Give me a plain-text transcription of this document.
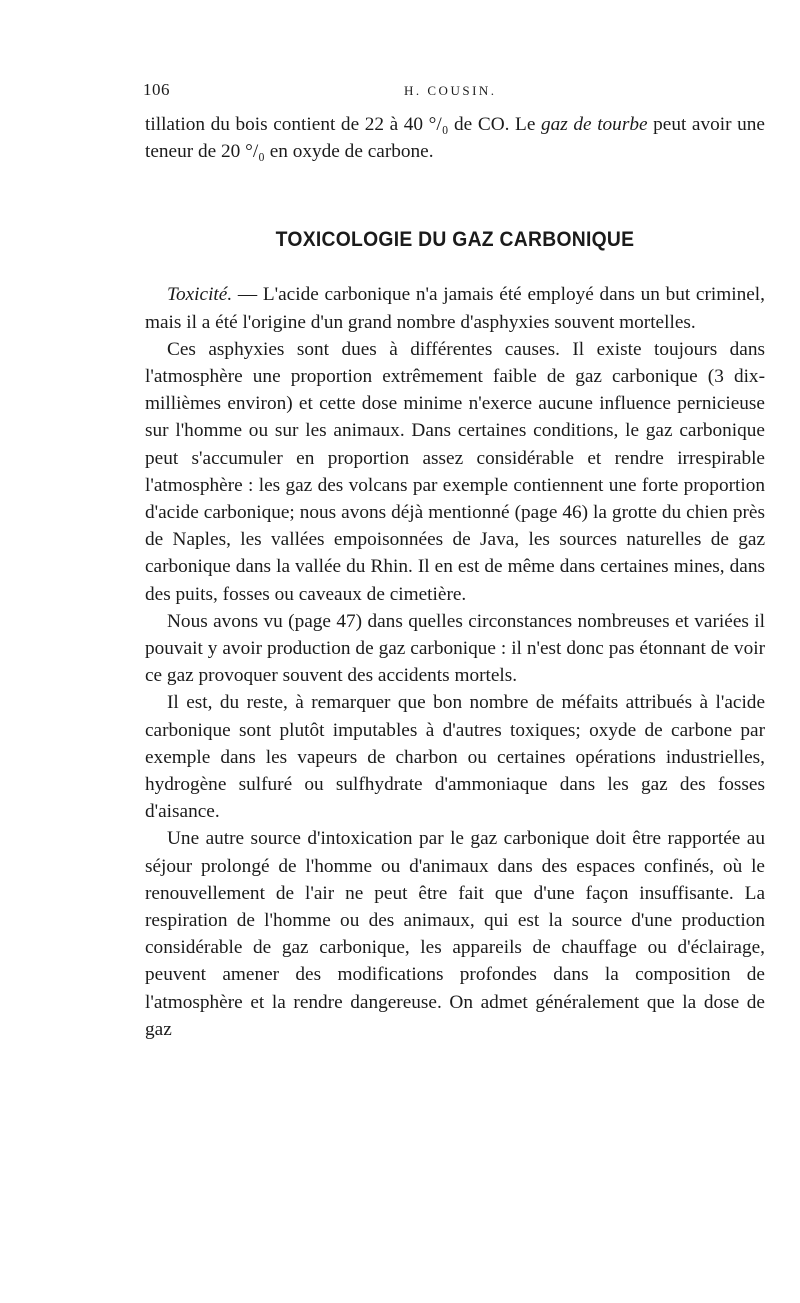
106	H. COUSIN.

tillation du bois contient de 22 à 40 °/₀ de CO. Le gaz de tourbe peut avoir une teneur de 20 °/₀ en oxyde de carbone.

TOXICOLOGIE DU GAZ CARBONIQUE

Toxicité. — L'acide carbonique n'a jamais été employé dans un but criminel, mais il a été l'origine d'un grand nombre d'asphyxies souvent mortelles.

Ces asphyxies sont dues à différentes causes. Il existe toujours dans l'atmosphère une proportion extrêmement faible de gaz carbonique (3 dix-millièmes environ) et cette dose minime n'exerce aucune influence pernicieuse sur l'homme ou sur les animaux. Dans certaines conditions, le gaz carbonique peut s'accumuler en proportion assez considérable et rendre irrespirable l'atmosphère : les gaz des volcans par exemple contiennent une forte proportion d'acide carbonique; nous avons déjà mentionné (page 46) la grotte du chien près de Naples, les vallées empoisonnées de Java, les sources naturelles de gaz carbonique dans la vallée du Rhin. Il en est de même dans certaines mines, dans des puits, fosses ou caveaux de cimetière.

Nous avons vu (page 47) dans quelles circonstances nombreuses et variées il pouvait y avoir production de gaz carbonique : il n'est donc pas étonnant de voir ce gaz provoquer souvent des accidents mortels.

Il est, du reste, à remarquer que bon nombre de méfaits attribués à l'acide carbonique sont plutôt imputables à d'autres toxiques; oxyde de carbone par exemple dans les vapeurs de charbon ou certaines opérations industrielles, hydrogène sulfuré ou sulfhydrate d'ammoniaque dans les gaz des fosses d'aisance.

Une autre source d'intoxication par le gaz carbonique doit être rapportée au séjour prolongé de l'homme ou d'animaux dans des espaces confinés, où le renouvellement de l'air ne peut être fait que d'une façon insuffisante. La respiration de l'homme ou des animaux, qui est la source d'une production considérable de gaz carbonique, les appareils de chauffage ou d'éclairage, peuvent amener des modifications profondes dans la composition de l'atmosphère et la rendre dangereuse. On admet généralement que la dose de gaz
